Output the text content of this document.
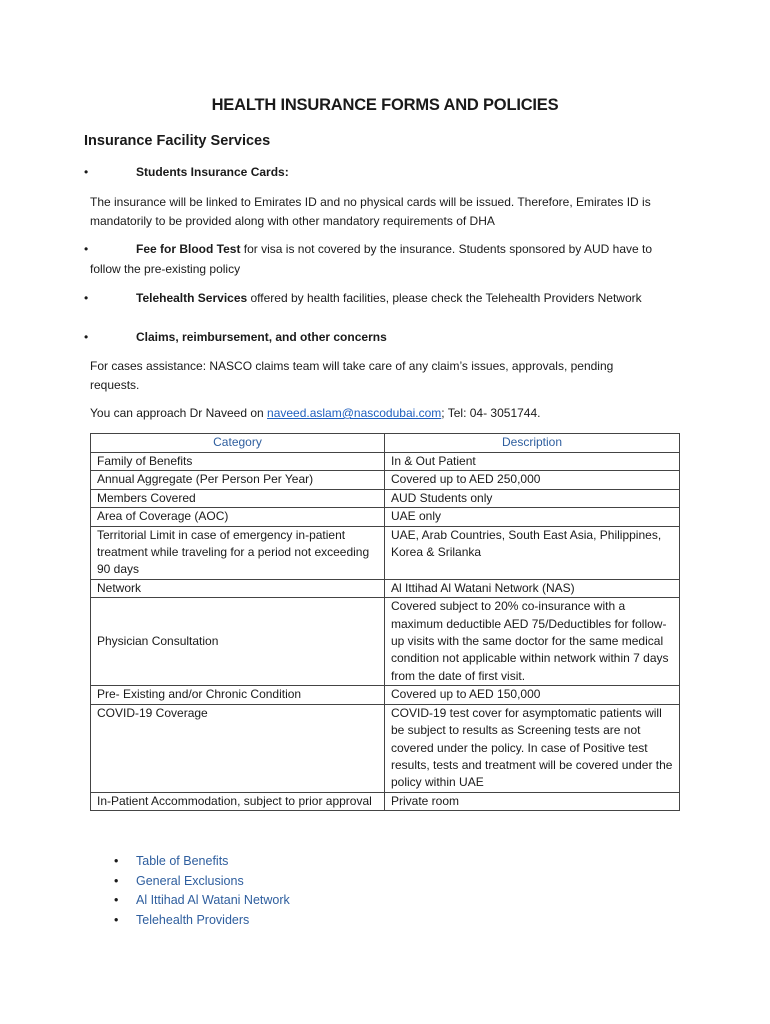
HEALTH INSURANCE FORMS AND POLICIES
Insurance Facility Services
•	Students Insurance Cards:
The insurance will be linked to Emirates ID and no physical cards will be issued. Therefore, Emirates ID is mandatorily to be provided along with other mandatory requirements of DHA
•	Fee for Blood Test for visa is not covered by the insurance. Students sponsored by AUD have to
follow the pre-existing policy
•	Telehealth Services offered by health facilities, please check the Telehealth Providers Network
•	Claims, reimbursement, and other concerns
For cases assistance: NASCO claims team will take care of any claim’s issues, approvals, pending requests.
You can approach Dr Naveed on naveed.aslam@nascodubai.com; Tel: 04- 3051744.
Category	Description
Family of Benefits	In & Out Patient
Annual Aggregate (Per Person Per Year)	Covered up to AED 250,000
Members Covered	AUD Students only
Area of Coverage (AOC)	UAE only
Territorial Limit in case of emergency in-patient treatment while traveling for a period not exceeding 90 days	UAE, Arab Countries, South East Asia, Philippines, Korea & Srilanka
Network	Al Ittihad Al Watani Network (NAS)
Physician Consultation	Covered subject to 20% co-insurance with a maximum deductible AED 75/Deductibles for follow-up visits with the same doctor for the same medical condition not applicable within network within 7 days from the date of first visit.
Pre- Existing and/or Chronic Condition	Covered up to AED 150,000
COVID-19 Coverage	COVID-19 test cover for asymptomatic patients will be subject to results as Screening tests are not covered under the policy. In case of Positive test results, tests and treatment will be covered under the policy within UAE
In-Patient Accommodation, subject to prior approval	Private room
• Table of Benefits
• General Exclusions
• Al Ittihad Al Watani Network
• Telehealth Providers
